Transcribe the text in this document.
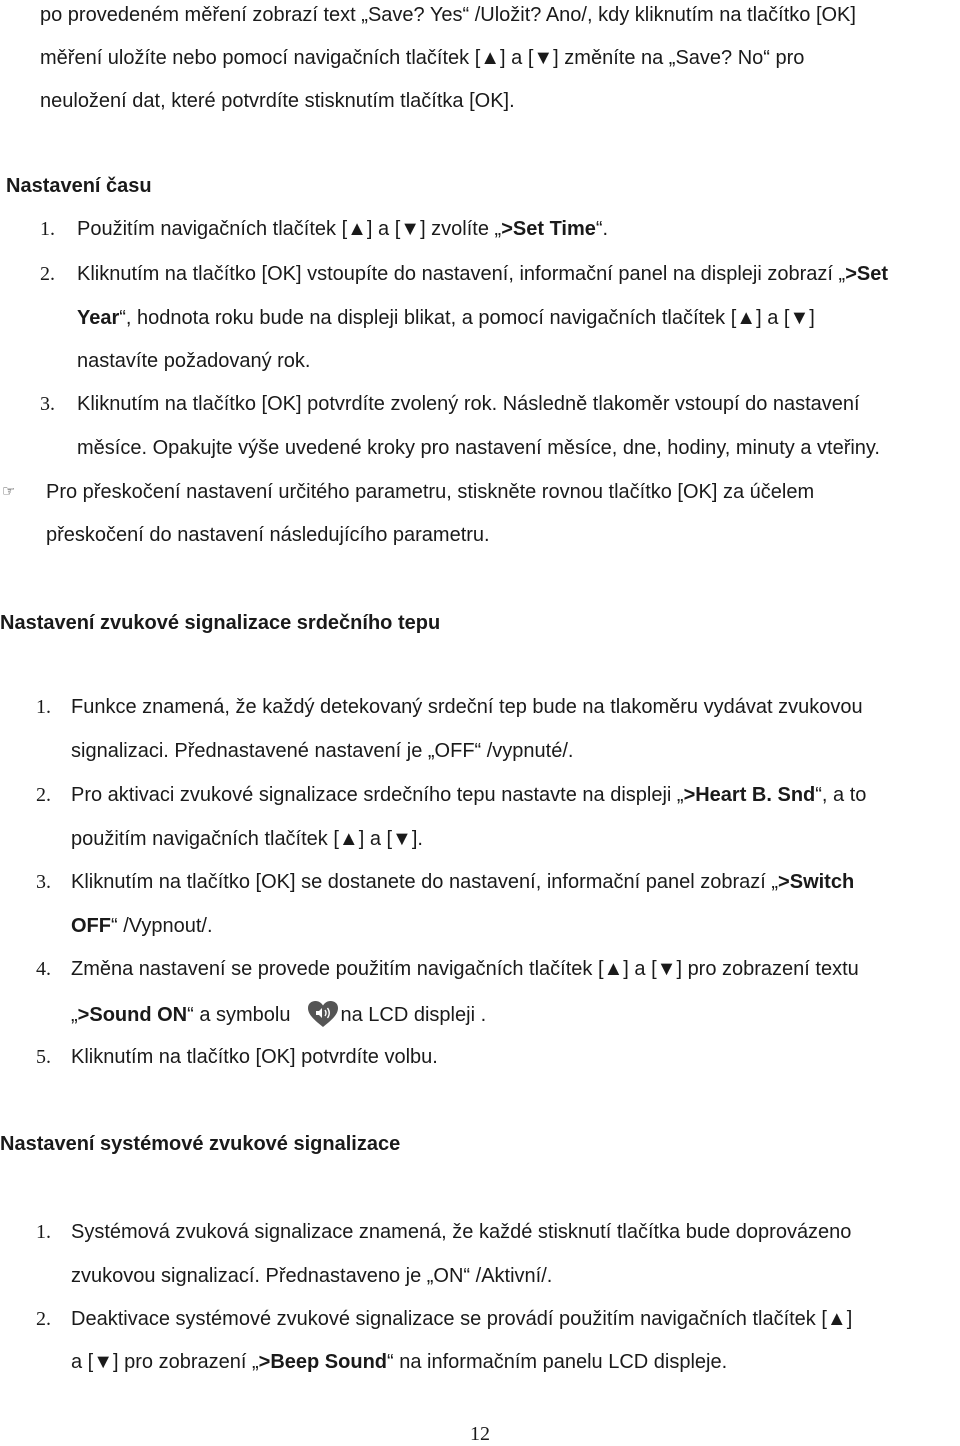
po provedeném měření zobrazí text „Save? Yes“ /Uložit? Ano/, kdy kliknutím na tlačítko [OK]
měření uložíte nebo pomocí navigačních tlačítek [▲] a [▼] změníte na „Save? No“ pro
neuložení dat, které potvrdíte stisknutím tlačítka [OK].
Nastavení času
1. Použitím navigačních tlačítek [▲] a [▼] zvolíte „>Set Time“.
2. Kliknutím na tlačítko [OK] vstoupíte do nastavení, informační panel na displeji zobrazí „>Set
Year“, hodnota roku bude na displeji blikat, a pomocí navigačních tlačítek [▲] a [▼]
nastavíte požadovaný rok.
3. Kliknutím na tlačítko [OK] potvrdíte zvolený rok. Následně tlakoměr vstoupí do nastavení
měsíce. Opakujte výše uvedené kroky pro nastavení měsíce, dne, hodiny, minuty a vteřiny.
☞ Pro přeskočení nastavení určitého parametru, stiskněte rovnou tlačítko [OK] za účelem
přeskočení do nastavení následujícího parametru.
Nastavení zvukové signalizace srdečního tepu
1. Funkce znamená, že každý detekovaný srdeční tep bude na tlakoměru vydávat zvukovou
signalizaci. Přednastavené nastavení je „OFF“ /vypnuté/.
2. Pro aktivaci zvukové signalizace srdečního tepu nastavte na displeji „>Heart B. Snd“, a to
použitím navigačních tlačítek [▲] a [▼].
3. Kliknutím na tlačítko [OK] se dostanete do nastavení, informační panel zobrazí „>Switch
OFF“ /Vypnout/.
4. Změna nastavení se provede použitím navigačních tlačítek [▲] a [▼] pro zobrazení textu
„>Sound ON“ a symbolu	na LCD displeji .
5. Kliknutím na tlačítko [OK] potvrdíte volbu.
Nastavení systémové zvukové signalizace
1. Systémová zvuková signalizace znamená, že každé stisknutí tlačítka bude doprovázeno
zvukovou signalizací. Přednastaveno je „ON“ /Aktivní/.
2. Deaktivace systémové zvukové signalizace se provádí použitím navigačních tlačítek [▲]
a [▼] pro zobrazení „>Beep Sound“ na informačním panelu LCD displeje.
12
